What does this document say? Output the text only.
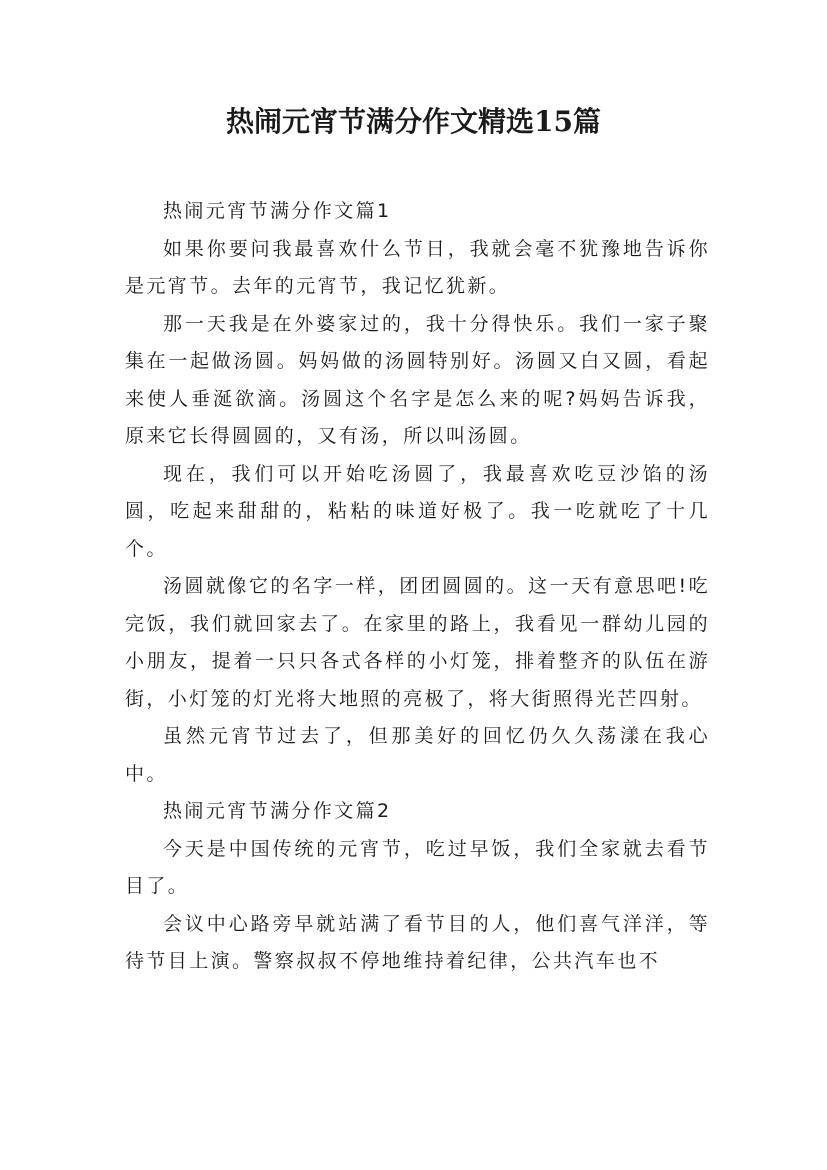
热闹元宵节满分作文精选15篇

热闹元宵节满分作文篇1

如果你要问我最喜欢什么节日，我就会毫不犹豫地告诉你是元宵节。去年的元宵节，我记忆犹新。

那一天我是在外婆家过的，我十分得快乐。我们一家子聚集在一起做汤圆。妈妈做的汤圆特别好。汤圆又白又圆，看起来使人垂涎欲滴。汤圆这个名字是怎么来的呢?妈妈告诉我，原来它长得圆圆的，又有汤，所以叫汤圆。

现在，我们可以开始吃汤圆了，我最喜欢吃豆沙馅的汤圆，吃起来甜甜的，粘粘的味道好极了。我一吃就吃了十几个。

汤圆就像它的名字一样，团团圆圆的。这一天有意思吧!吃完饭，我们就回家去了。在家里的路上，我看见一群幼儿园的小朋友，提着一只只各式各样的小灯笼，排着整齐的队伍在游街，小灯笼的灯光将大地照的亮极了，将大街照得光芒四射。

虽然元宵节过去了，但那美好的回忆仍久久荡漾在我心中。

热闹元宵节满分作文篇2

今天是中国传统的元宵节，吃过早饭，我们全家就去看节目了。

会议中心路旁早就站满了看节目的人，他们喜气洋洋，等待节目上演。警察叔叔不停地维持着纪律，公共汽车也不
